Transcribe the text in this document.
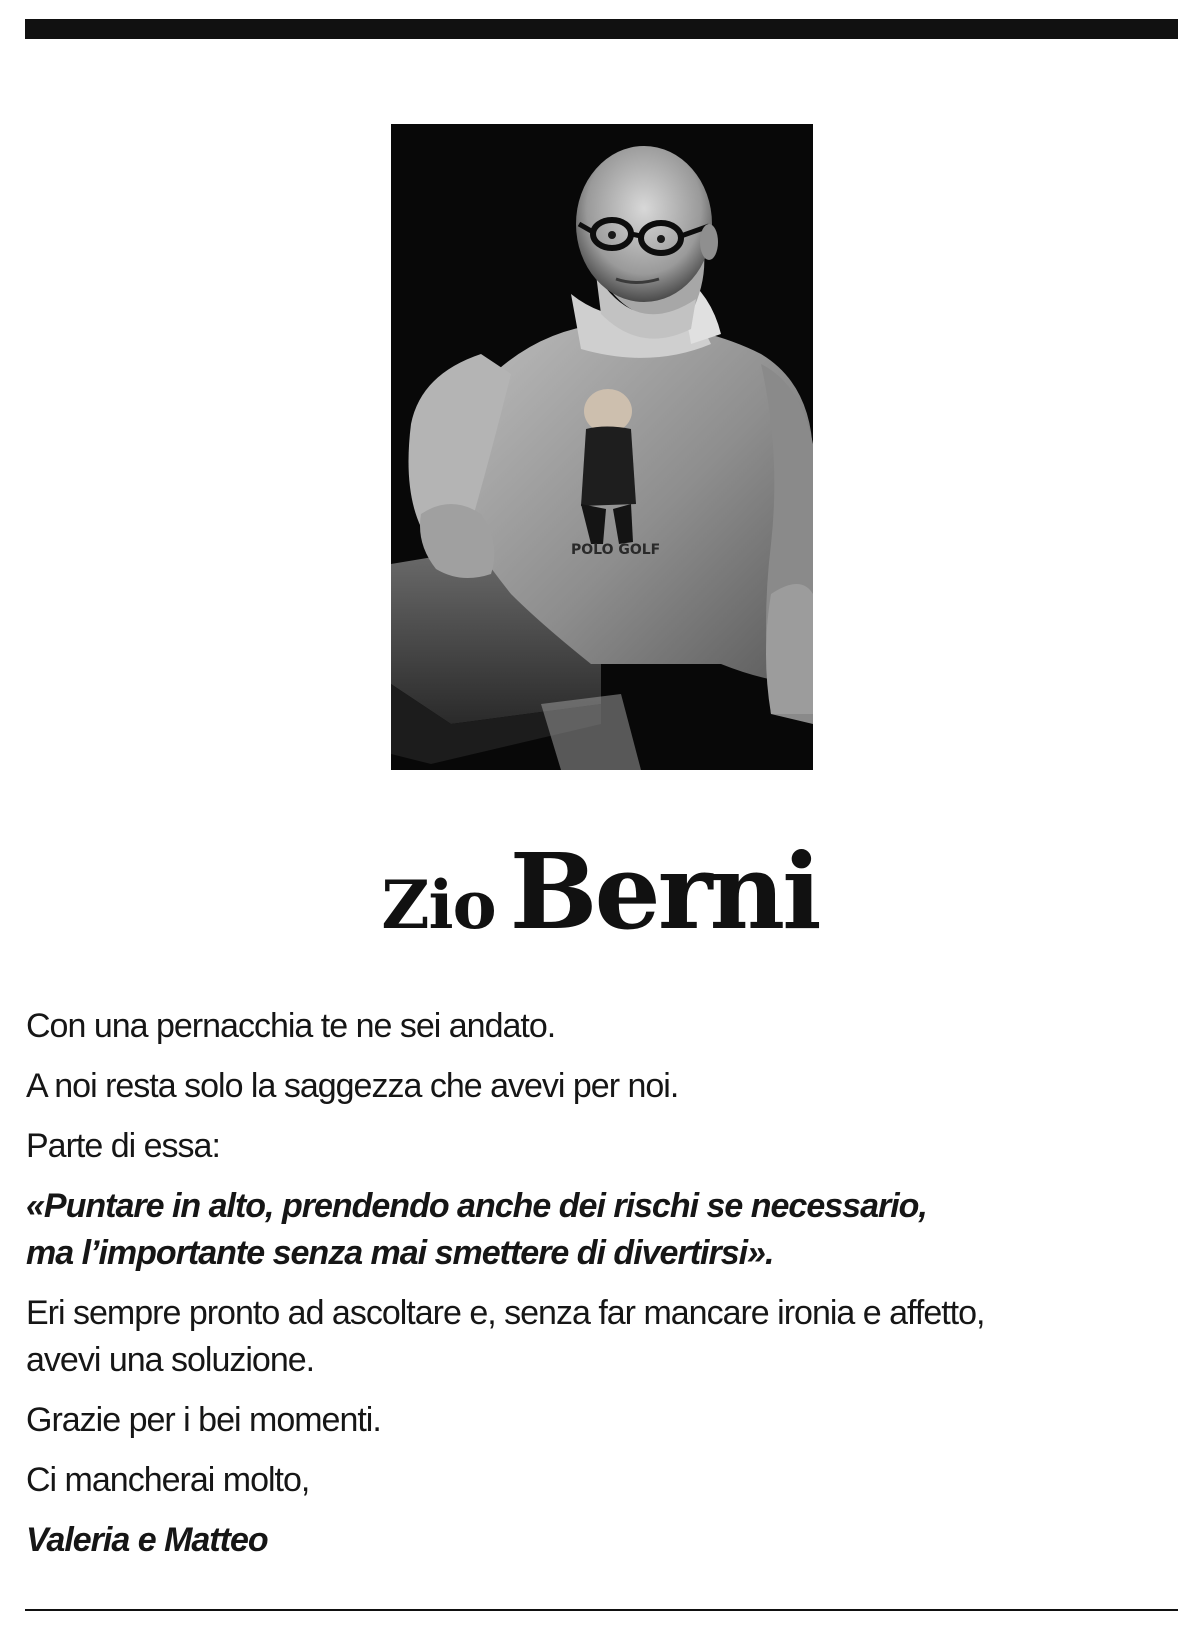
POLO GOLF
Zio Berni

Con una pernacchia te ne sei andato.

A noi resta solo la saggezza che avevi per noi.

Parte di essa:

«Puntare in alto, prendendo anche dei rischi se necessario,
ma l’importante senza mai smettere di divertirsi».

Eri sempre pronto ad ascoltare e, senza far mancare ironia e affetto,
avevi una soluzione.

Grazie per i bei momenti.

Ci mancherai molto,

Valeria e Matteo
